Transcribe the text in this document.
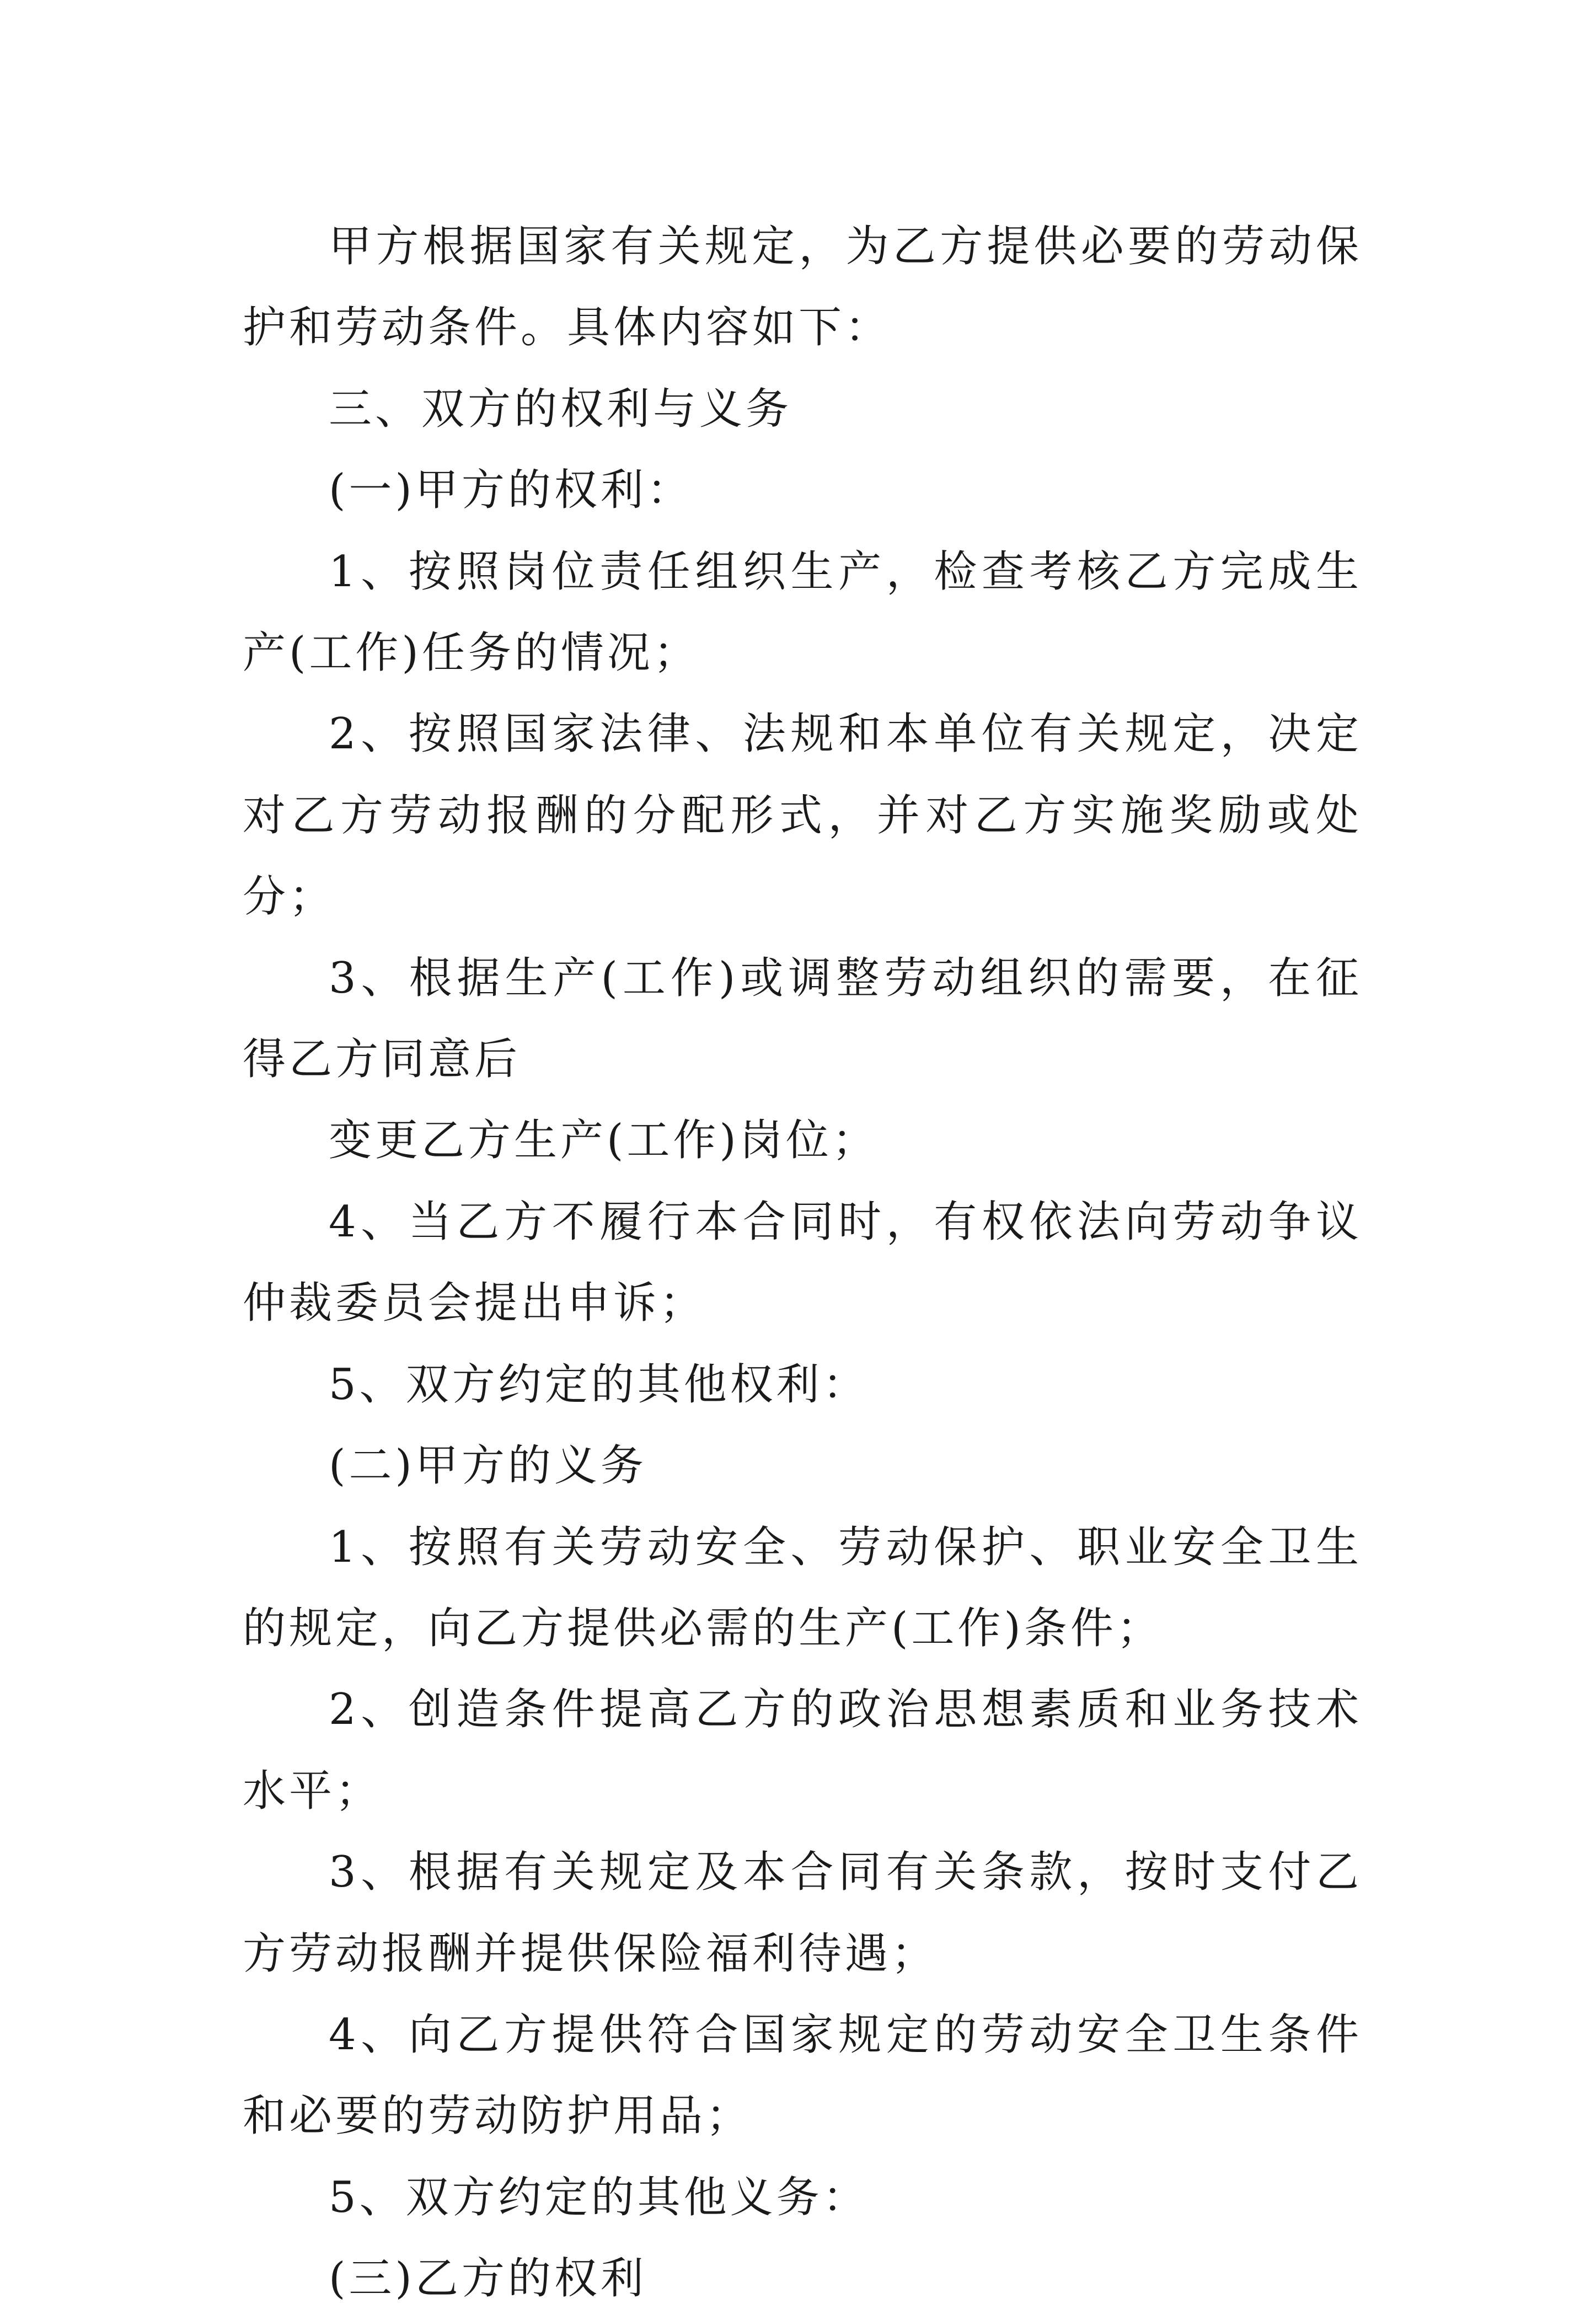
甲方根据国家有关规定，为乙方提供必要的劳动保护和劳动条件。具体内容如下：

三、双方的权利与义务

(一)甲方的权利：

1、按照岗位责任组织生产，检查考核乙方完成生产(工作)任务的情况；

2、按照国家法律、法规和本单位有关规定，决定对乙方劳动报酬的分配形式，并对乙方实施奖励或处分；

3、根据生产(工作)或调整劳动组织的需要，在征得乙方同意后

变更乙方生产(工作)岗位；

4、当乙方不履行本合同时，有权依法向劳动争议仲裁委员会提出申诉；

5、双方约定的其他权利：

(二)甲方的义务

1、按照有关劳动安全、劳动保护、职业安全卫生的规定，向乙方提供必需的生产(工作)条件；

2、创造条件提高乙方的政治思想素质和业务技术水平；

3、根据有关规定及本合同有关条款，按时支付乙方劳动报酬并提供保险福利待遇；

4、向乙方提供符合国家规定的劳动安全卫生条件和必要的劳动防护用品；

5、双方约定的其他义务：

(三)乙方的权利
